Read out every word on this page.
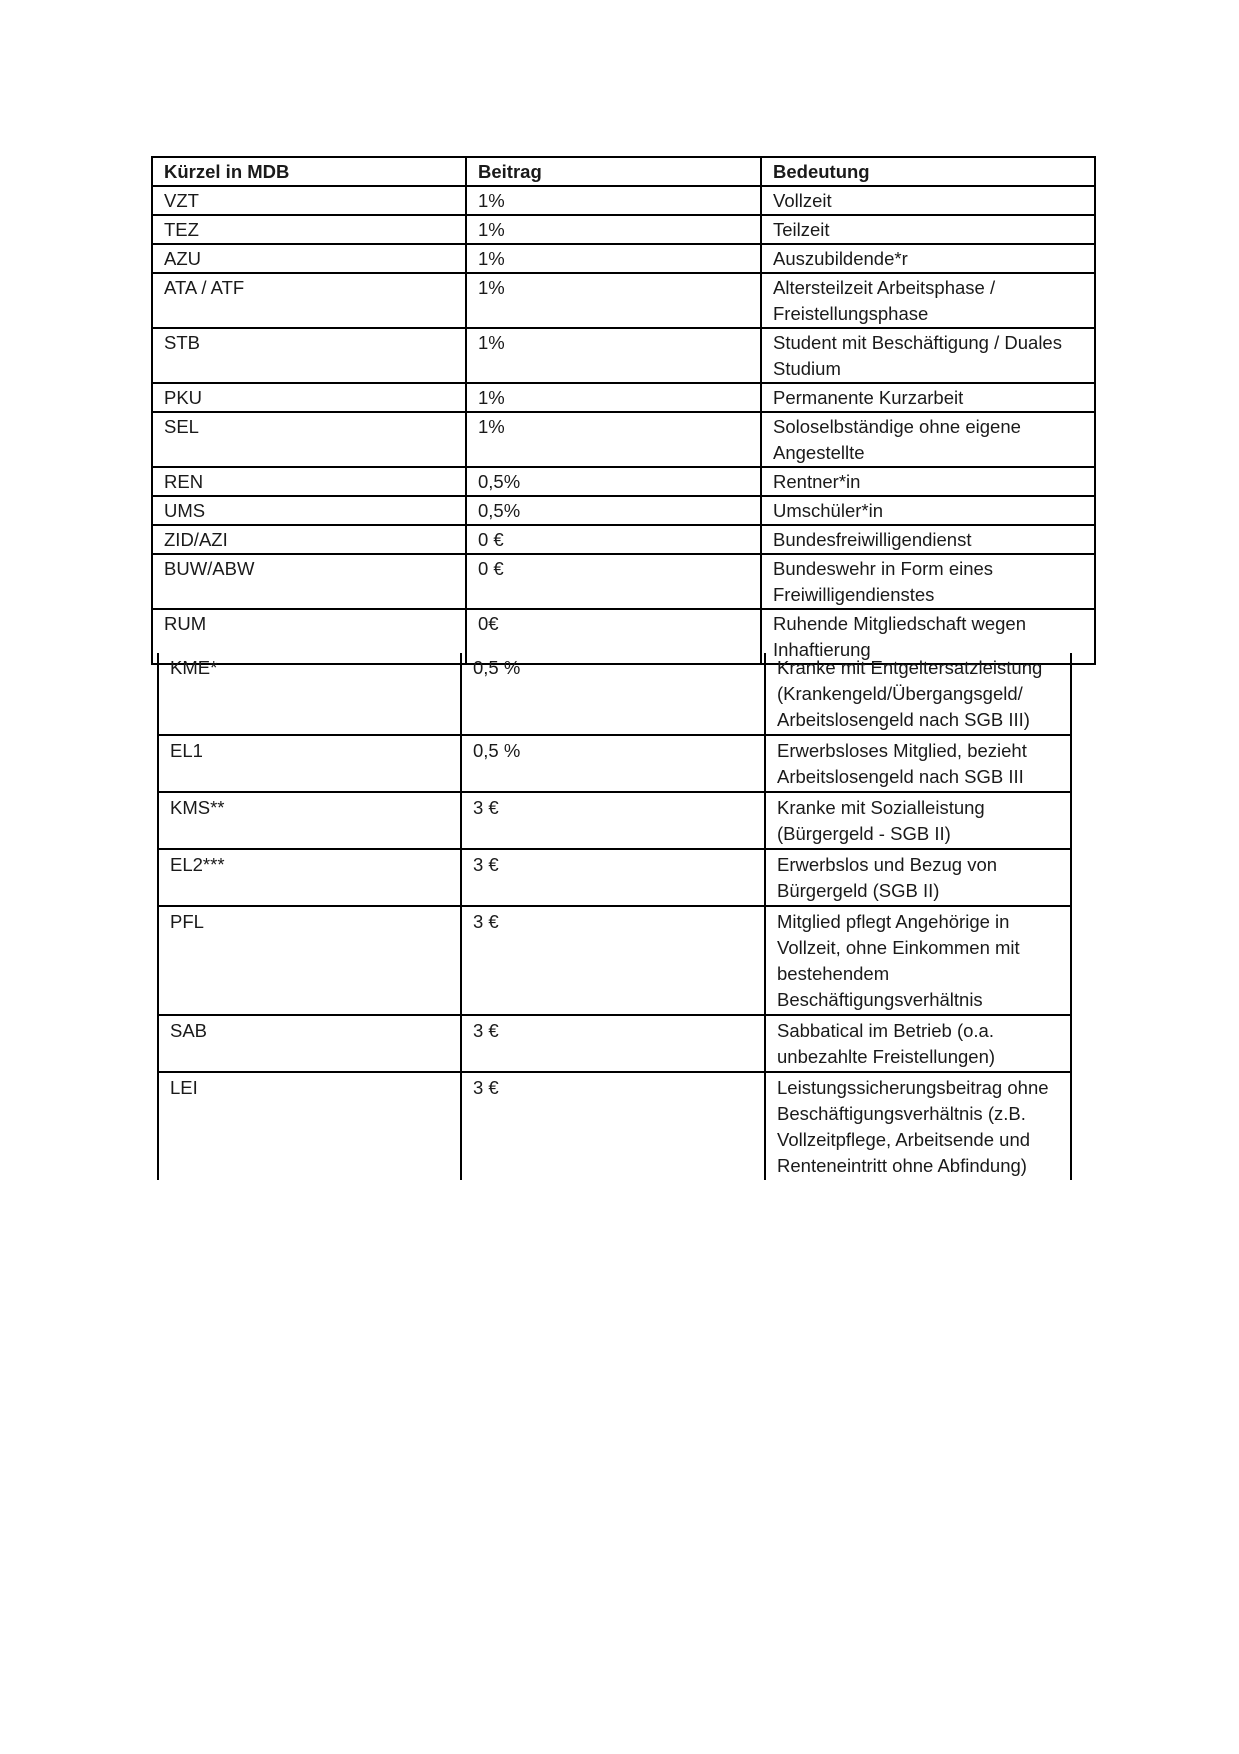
Kürzel in MDB	Beitrag	Bedeutung
VZT	1%	Vollzeit
TEZ	1%	Teilzeit
AZU	1%	Auszubildende*r
ATA / ATF	1%	Altersteilzeit Arbeitsphase / Freistellungsphase
STB	1%	Student mit Beschäftigung / Duales Studium
PKU	1%	Permanente Kurzarbeit
SEL	1%	Soloselbständige ohne eigene Angestellte
REN	0,5%	Rentner*in
UMS	0,5%	Umschüler*in
ZID/AZI	0 €	Bundesfreiwilligendienst
BUW/ABW	0 €	Bundeswehr in Form eines Freiwilligendienstes
RUM	0€	Ruhende Mitgliedschaft wegen Inhaftierung
KME*	0,5 %	Kranke mit Entgeltersatzleistung (Krankengeld/Übergangsgeld/ Arbeitslosengeld nach SGB III)
EL1	0,5 %	Erwerbsloses Mitglied, bezieht Arbeitslosengeld nach SGB III
KMS**	3 €	Kranke mit Sozialleistung (Bürgergeld - SGB II)
EL2***	3 €	Erwerbslos und Bezug von Bürgergeld (SGB II)
PFL	3 €	Mitglied pflegt Angehörige in Vollzeit, ohne Einkommen mit bestehendem Beschäftigungsverhältnis
SAB	3 €	Sabbatical im Betrieb (o.a. unbezahlte Freistellungen)
LEI	3 €	Leistungssicherungsbeitrag ohne Beschäftigungsverhältnis (z.B. Vollzeitpflege, Arbeitsende und Renteneintritt ohne Abfindung)
